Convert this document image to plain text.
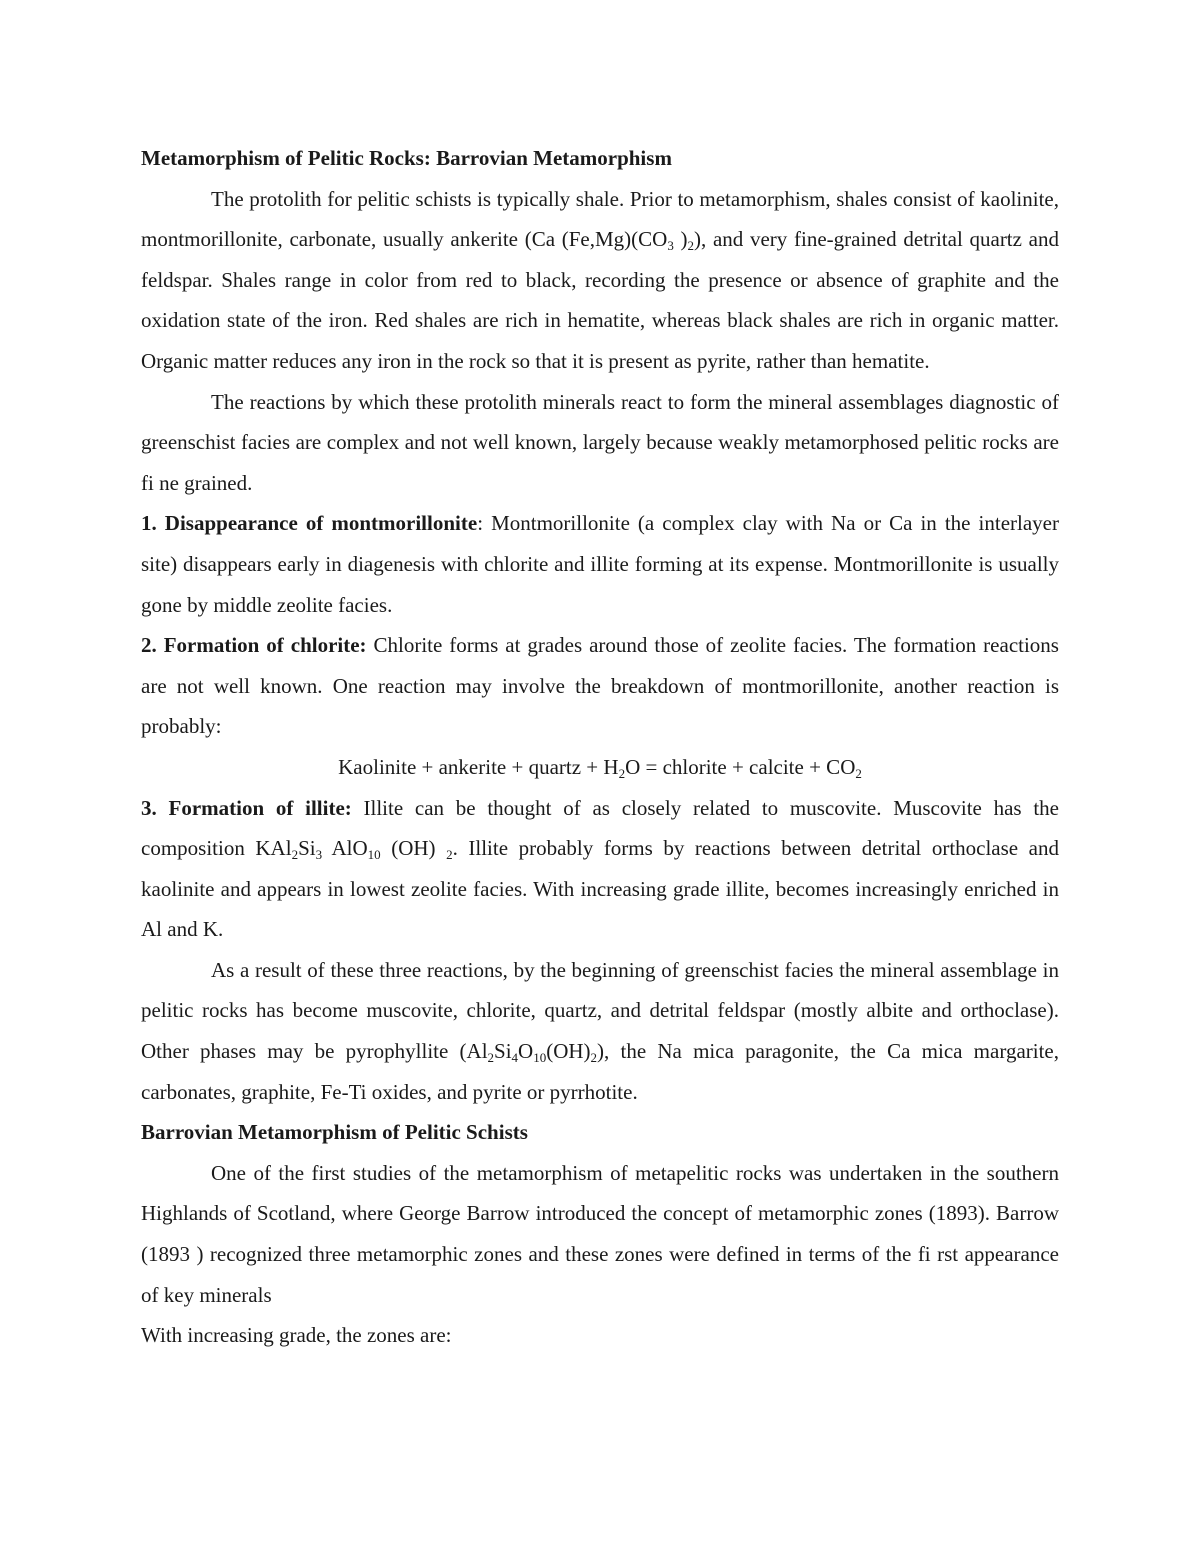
Metamorphism of Pelitic Rocks: Barrovian Metamorphism

The protolith for pelitic schists is typically shale. Prior to metamorphism, shales consist of kaolinite, montmorillonite, carbonate, usually ankerite (Ca $(Fe,Mg)(CO_3$ )$_2$), and very fine-grained detrital quartz and feldspar. Shales range in color from red to black, recording the presence or absence of graphite and the oxidation state of the iron. Red shales are rich in hematite, whereas black shales are rich in organic matter. Organic matter reduces any iron in the rock so that it is present as pyrite, rather than hematite.

The reactions by which these protolith minerals react to form the mineral assemblages diagnostic of greenschist facies are complex and not well known, largely because weakly metamorphosed pelitic rocks are fi ne grained.

1. Disappearance of montmorillonite: Montmorillonite (a complex clay with Na or Ca in the interlayer site) disappears early in diagenesis with chlorite and illite forming at its expense. Montmorillonite is usually gone by middle zeolite facies.

2. Formation of chlorite: Chlorite forms at grades around those of zeolite facies. The formation reactions are not well known. One reaction may involve the breakdown of montmorillonite, another reaction is probably:

Kaolinite + ankerite + quartz + $H_2O$ = chlorite + calcite + $CO_2$

3. Formation of illite: Illite can be thought of as closely related to muscovite. Muscovite has the composition $KAl_2Si_3$ AlO$_{10}$ (OH) $_2$. Illite probably forms by reactions between detrital orthoclase and kaolinite and appears in lowest zeolite facies. With increasing grade illite, becomes increasingly enriched in Al and K.

As a result of these three reactions, by the beginning of greenschist facies the mineral assemblage in pelitic rocks has become muscovite, chlorite, quartz, and detrital feldspar (mostly albite and orthoclase). Other phases may be pyrophyllite $(Al_2Si_4O_{10}(OH)_2)$, the Na mica paragonite, the Ca mica margarite, carbonates, graphite, Fe-Ti oxides, and pyrite or pyrrhotite.

Barrovian Metamorphism of Pelitic Schists

One of the first studies of the metamorphism of metapelitic rocks was undertaken in the southern Highlands of Scotland, where George Barrow introduced the concept of metamorphic zones (1893). Barrow (1893 ) recognized three metamorphic zones and these zones were defined in terms of the fi rst appearance of key minerals

With increasing grade, the zones are:
